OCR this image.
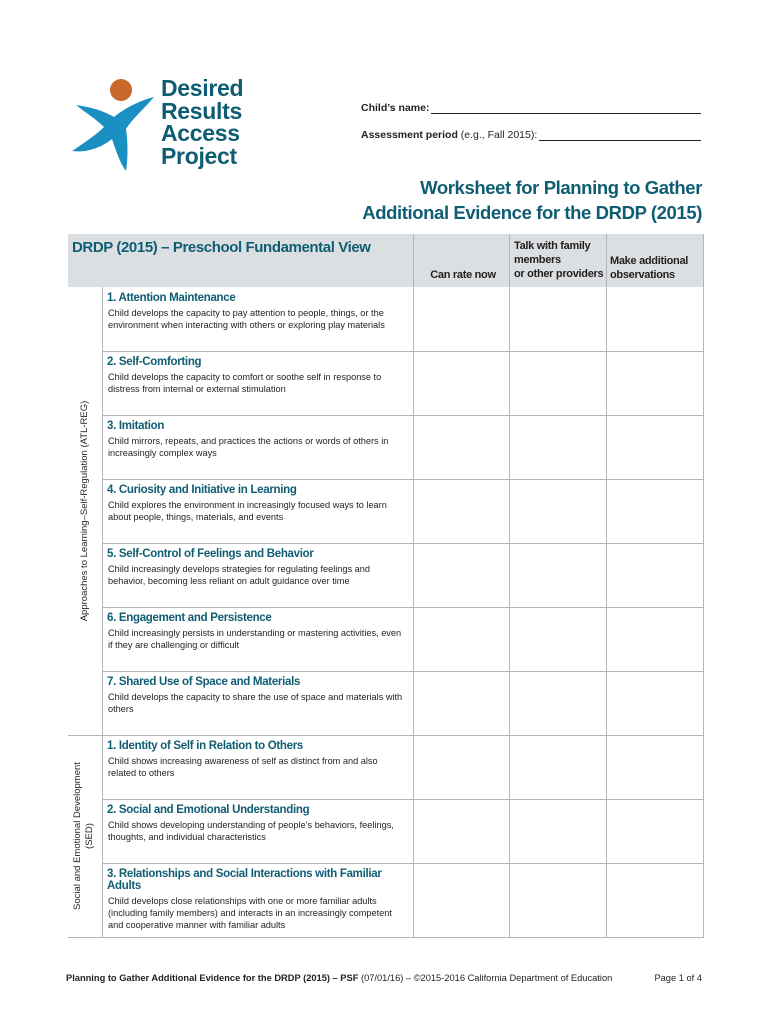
Desired
Results
Access
Project
Child’s name:
Assessment period
(e.g., Fall 2015):
Worksheet for Planning to Gather
Additional Evidence for the DRDP (2015)
DRDP (2015) – Preschool Fundamental View
Can rate now
Talk with family
members
or other providers
Make additional
observations
Approaches to Learning–Self-Regulation (ATL-REG)
Social and Emotional Development (SED)
1. Attention Maintenance
Child develops the capacity to pay attention to people, things, or the environment when interacting with others or exploring play materials
2. Self-Comforting
Child develops the capacity to comfort or soothe self in response to distress from internal or external stimulation
3. Imitation
Child mirrors, repeats, and practices the actions or words of others in increasingly complex ways
4. Curiosity and Initiative in Learning
Child explores the environment in increasingly focused ways to learn about people, things, materials, and events
5. Self-Control of Feelings and Behavior
Child increasingly develops strategies for regulating feelings and behavior, becoming less reliant on adult guidance over time
6. Engagement and Persistence
Child increasingly persists in understanding or mastering activities, even if they are challenging or difficult
7. Shared Use of Space and Materials
Child develops the capacity to share the use of space and materials with others
1. Identity of Self in Relation to Others
Child shows increasing awareness of self as distinct from and also related to others
2. Social and Emotional Understanding
Child shows developing understanding of people’s behaviors, feelings, thoughts, and individual characteristics
3. Relationships and Social Interactions with Familiar Adults
Child develops close relationships with one or more familiar adults (including family members) and interacts in an increasingly competent and cooperative manner with familiar adults
Planning to Gather Additional Evidence for the DRDP (2015) – PSF (07/01/16) – ©2015-2016 California Department of Education	Page 1 of 4
